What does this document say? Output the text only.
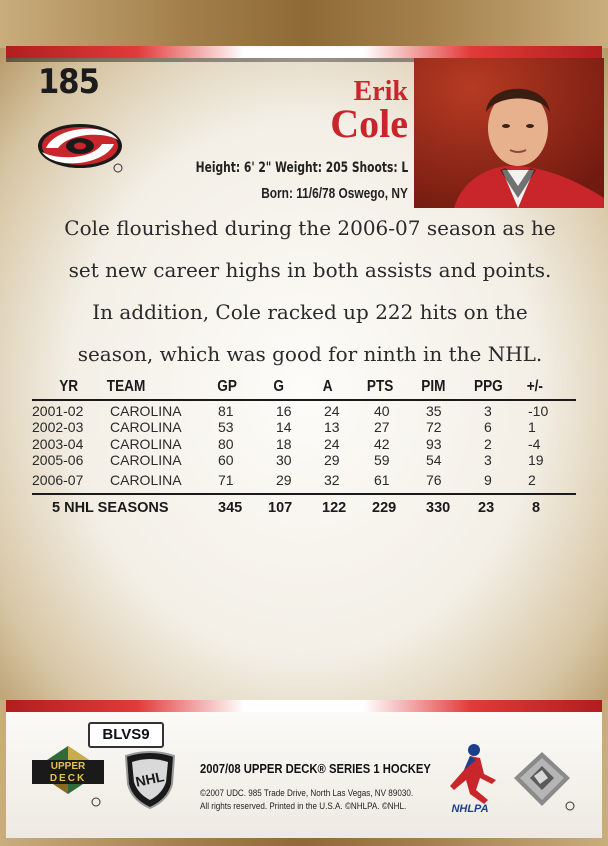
185	Erik
Cole
Height: 6' 2" Weight: 205 Shoots: L
Born: 11/6/78 Oswego, NY
Cole flourished during the 2006-07 season as he
set new career highs in both assists and points.
In addition, Cole racked up 222 hits on the
season, which was good for ninth in the NHL.
YR TEAM	GP G A PTS PIM PPG +/-
2001-02 CAROLINA	81	16 24 40	35	3	-10
2002-03 CAROLINA	53	14 13 27	72	6	1
2003-04 CAROLINA	80	18 24 42	93	2	-4
2005-06 CAROLINA	60	30 29 59	54	3	19
2006-07 CAROLINA	71	29 32 61	76	9	2
5 NHL SEASONS	345 107 122 229 330 23	8
BLVS9
UPPER
DECK	NHL	2007/08 UPPER DECK® SERIES 1 HOCKEY
©2007 UDC. 985 Trade Drive, North Las Vegas, NV 89030.
All rights reserved. Printed in the U.S.A. ©NHLPA. ©NHL.	NHLPA
